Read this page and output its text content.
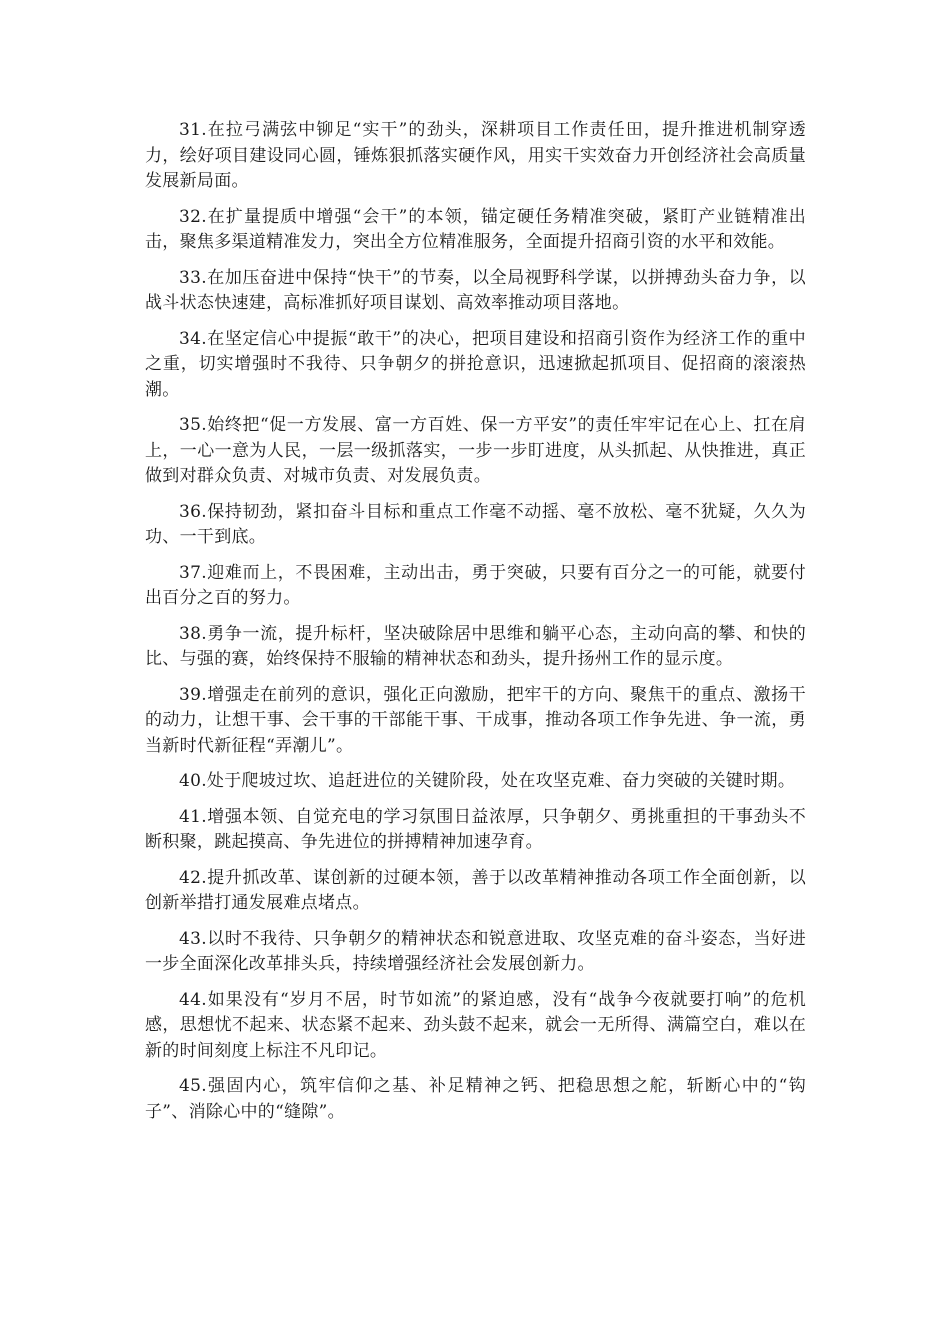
31.在拉弓满弦中铆足“实干”的劲头，深耕项目工作责任田，提升推进机制穿透力，绘好项目建设同心圆，锤炼狠抓落实硬作风，用实干实效奋力开创经济社会高质量发展新局面。

32.在扩量提质中增强“会干”的本领，锚定硬任务精准突破，紧盯产业链精准出击，聚焦多渠道精准发力，突出全方位精准服务，全面提升招商引资的水平和效能。

33.在加压奋进中保持“快干”的节奏，以全局视野科学谋，以拼搏劲头奋力争，以战斗状态快速建，高标准抓好项目谋划、高效率推动项目落地。

34.在坚定信心中提振“敢干”的决心，把项目建设和招商引资作为经济工作的重中之重，切实增强时不我待、只争朝夕的拼抢意识，迅速掀起抓项目、促招商的滚滚热潮。

35.始终把“促一方发展、富一方百姓、保一方平安”的责任牢牢记在心上、扛在肩上，一心一意为人民，一层一级抓落实，一步一步盯进度，从头抓起、从快推进，真正做到对群众负责、对城市负责、对发展负责。

36.保持韧劲，紧扣奋斗目标和重点工作毫不动摇、毫不放松、毫不犹疑，久久为功、一干到底。

37.迎难而上，不畏困难，主动出击，勇于突破，只要有百分之一的可能，就要付出百分之百的努力。

38.勇争一流，提升标杆，坚决破除居中思维和躺平心态，主动向高的攀、和快的比、与强的赛，始终保持不服输的精神状态和劲头，提升扬州工作的显示度。

39.增强走在前列的意识，强化正向激励，把牢干的方向、聚焦干的重点、激扬干的动力，让想干事、会干事的干部能干事、干成事，推动各项工作争先进、争一流，勇当新时代新征程“弄潮儿”。

40.处于爬坡过坎、追赶进位的关键阶段，处在攻坚克难、奋力突破的关键时期。

41.增强本领、自觉充电的学习氛围日益浓厚，只争朝夕、勇挑重担的干事劲头不断积聚，跳起摸高、争先进位的拼搏精神加速孕育。

42.提升抓改革、谋创新的过硬本领，善于以改革精神推动各项工作全面创新，以创新举措打通发展难点堵点。

43.以时不我待、只争朝夕的精神状态和锐意进取、攻坚克难的奋斗姿态，当好进一步全面深化改革排头兵，持续增强经济社会发展创新力。

44.如果没有“岁月不居，时节如流”的紧迫感，没有“战争今夜就要打响”的危机感，思想忧不起来、状态紧不起来、劲头鼓不起来，就会一无所得、满篇空白，难以在新的时间刻度上标注不凡印记。

45.强固内心，筑牢信仰之基、补足精神之钙、把稳思想之舵，斩断心中的“钩子”、消除心中的“缝隙”。
